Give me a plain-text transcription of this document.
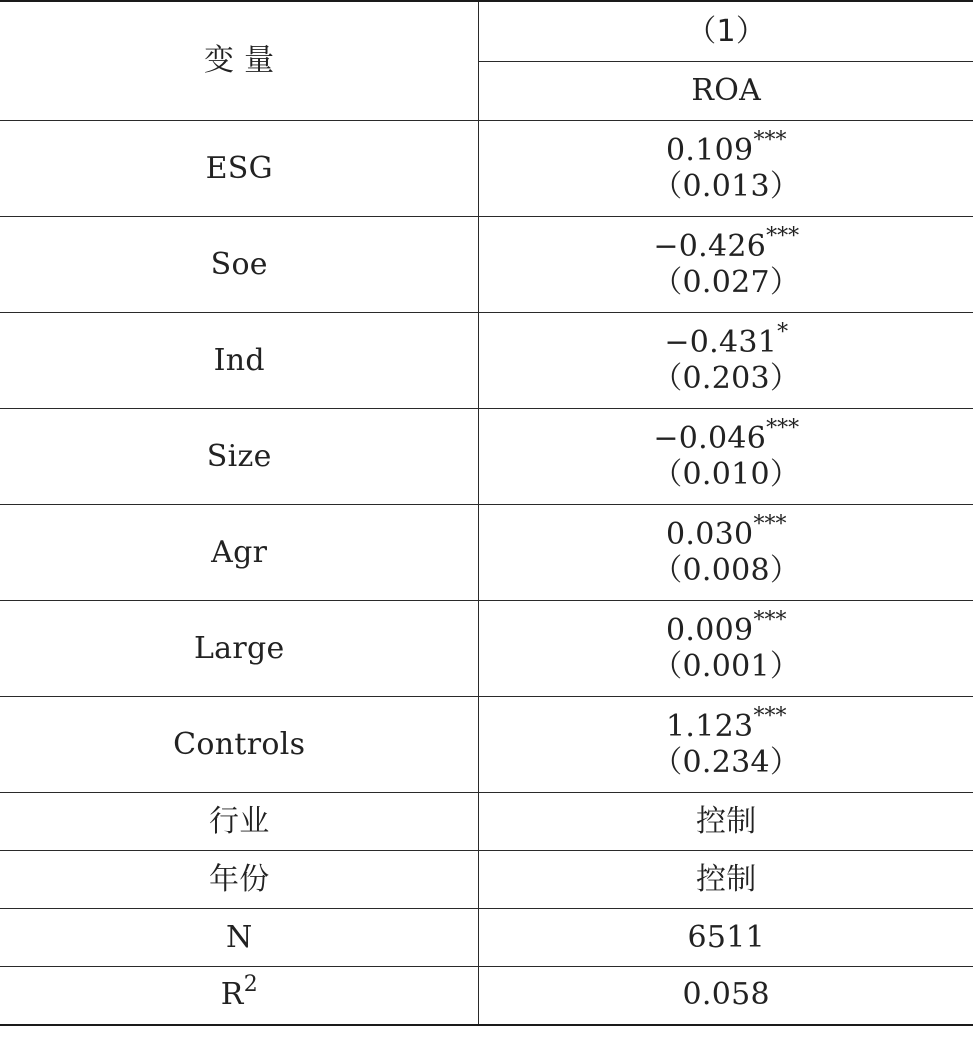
变 量	（1）
	ROA
ESG	0.109***
（0.013）

Soe	−0.426***
（0.027）

Ind	−0.431*
（0.203）

Size	−0.046***
（0.010）

Agr	0.030***
（0.008）

Large	0.009***
（0.001）

Controls	1.123***
（0.234）

行业	控制
年份	控制
N	6511
$R^2$	0.058
